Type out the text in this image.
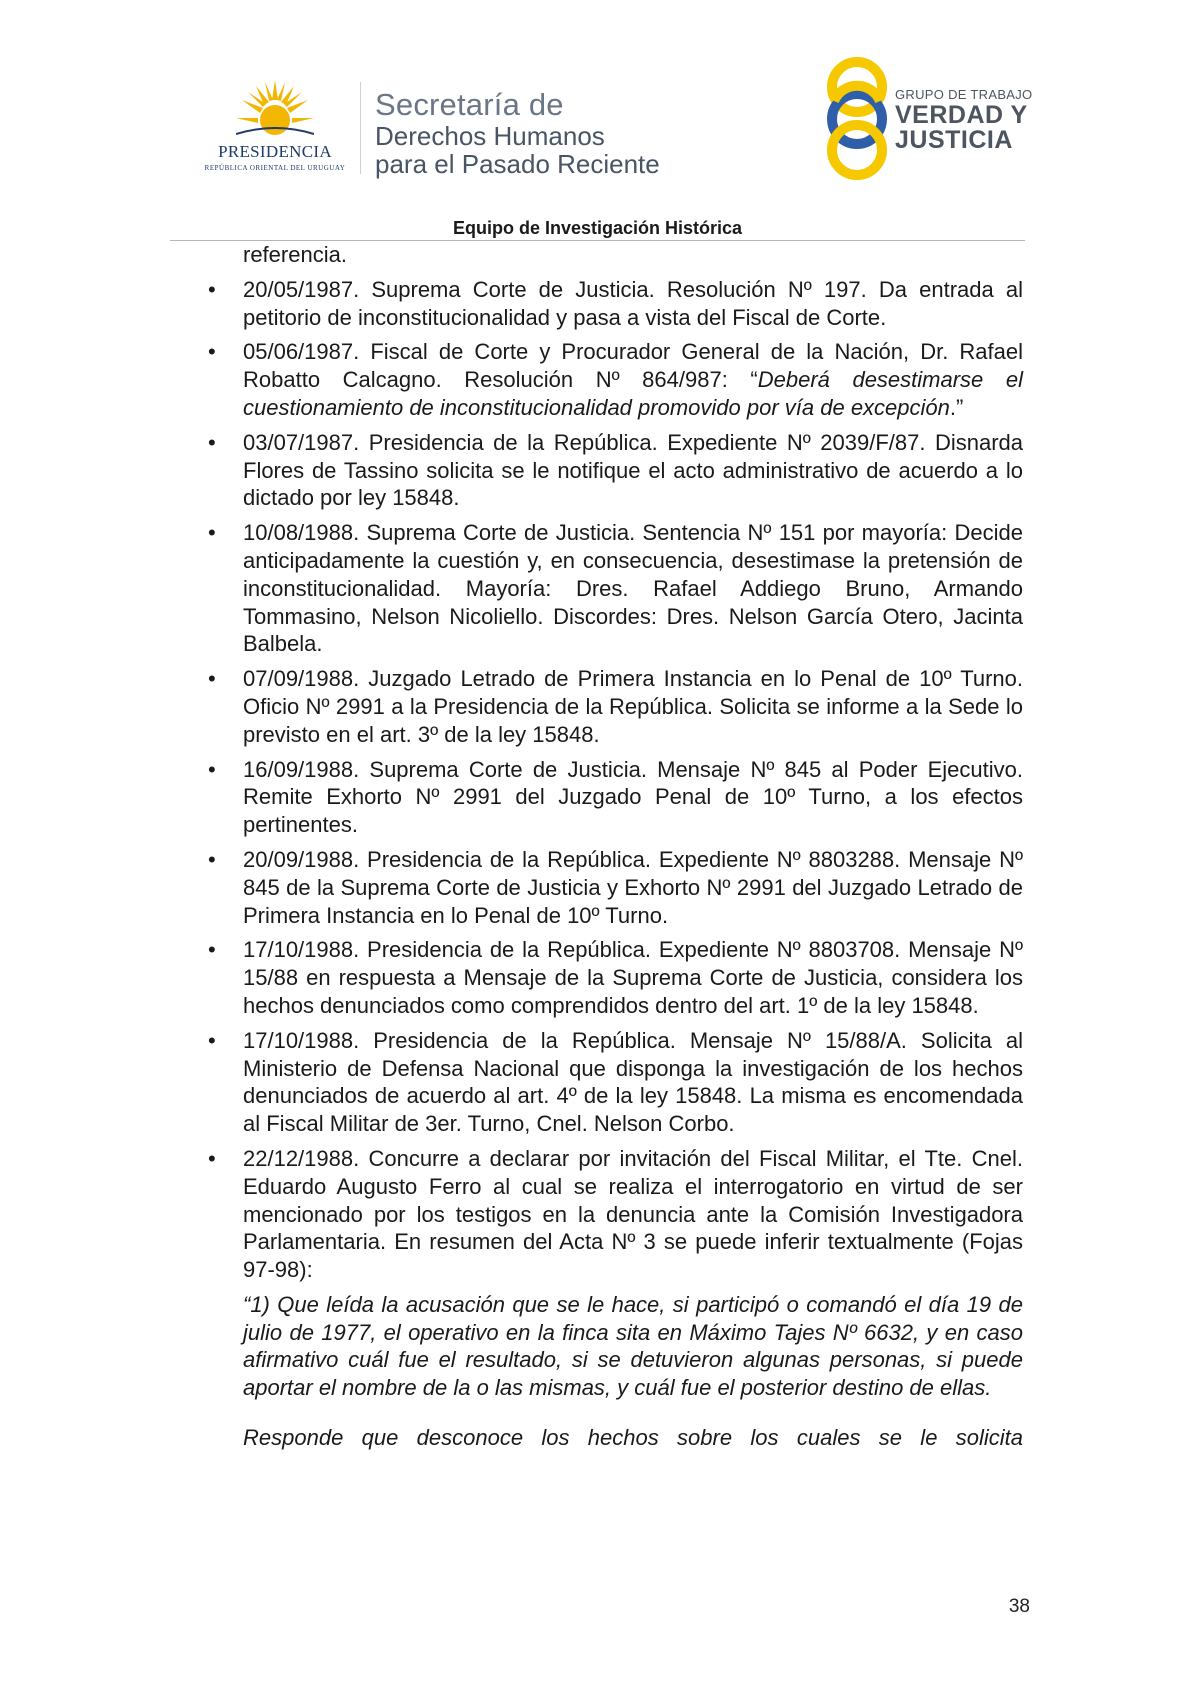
PRESIDENCIA
REPÚBLICA ORIENTAL DEL URUGUAY
Secretaría de
Derechos Humanos
para el Pasado Reciente
GRUPO DE TRABAJO
VERDAD Y
JUSTICIA
Equipo de Investigación Histórica
referencia.
• 20/05/1987. Suprema Corte de Justicia. Resolución Nº 197. Da entrada al petitorio de inconstitucionalidad y pasa a vista del Fiscal de Corte.
• 05/06/1987. Fiscal de Corte y Procurador General de la Nación, Dr. Rafael Robatto Calcagno. Resolución Nº 864/987: “Deberá desestimarse el cuestionamiento de inconstitucionalidad promovido por vía de excepción.”
• 03/07/1987. Presidencia de la República. Expediente Nº 2039/F/87. Disnarda Flores de Tassino solicita se le notifique el acto administrativo de acuerdo a lo dictado por ley 15848.
• 10/08/1988. Suprema Corte de Justicia. Sentencia Nº 151 por mayoría: Decide anticipadamente la cuestión y, en consecuencia, desestimase la pretensión de inconstitucionalidad. Mayoría: Dres. Rafael Addiego Bruno, Armando Tommasino, Nelson Nicoliello. Discordes: Dres. Nelson García Otero, Jacinta Balbela.
• 07/09/1988. Juzgado Letrado de Primera Instancia en lo Penal de 10º Turno. Oficio Nº 2991 a la Presidencia de la República. Solicita se informe a la Sede lo previsto en el art. 3º de la ley 15848.
• 16/09/1988. Suprema Corte de Justicia. Mensaje Nº 845 al Poder Ejecutivo. Remite Exhorto Nº 2991 del Juzgado Penal de 10º Turno, a los efectos pertinentes.
• 20/09/1988. Presidencia de la República. Expediente Nº 8803288. Mensaje Nº 845 de la Suprema Corte de Justicia y Exhorto Nº 2991 del Juzgado Letrado de Primera Instancia en lo Penal de 10º Turno.
• 17/10/1988. Presidencia de la República. Expediente Nº 8803708. Mensaje Nº 15/88 en respuesta a Mensaje de la Suprema Corte de Justicia, considera los hechos denunciados como comprendidos dentro del art. 1º de la ley 15848.
• 17/10/1988. Presidencia de la República. Mensaje Nº 15/88/A. Solicita al Ministerio de Defensa Nacional que disponga la investigación de los hechos denunciados de acuerdo al art. 4º de la ley 15848. La misma es encomendada al Fiscal Militar de 3er. Turno, Cnel. Nelson Corbo.
• 22/12/1988. Concurre a declarar por invitación del Fiscal Militar, el Tte. Cnel. Eduardo Augusto Ferro al cual se realiza el interrogatorio en virtud de ser mencionado por los testigos en la denuncia ante la Comisión Investigadora Parlamentaria. En resumen del Acta Nº 3 se puede inferir textualmente (Fojas 97-98):

“1) Que leída la acusación que se le hace, si participó o comandó el día 19 de julio de 1977, el operativo en la finca sita en Máximo Tajes Nº 6632, y en caso afirmativo cuál fue el resultado, si se detuvieron algunas personas, si puede aportar el nombre de la o las mismas, y cuál fue el posterior destino de ellas.

Responde que desconoce los hechos sobre los cuales se le solicita

38
